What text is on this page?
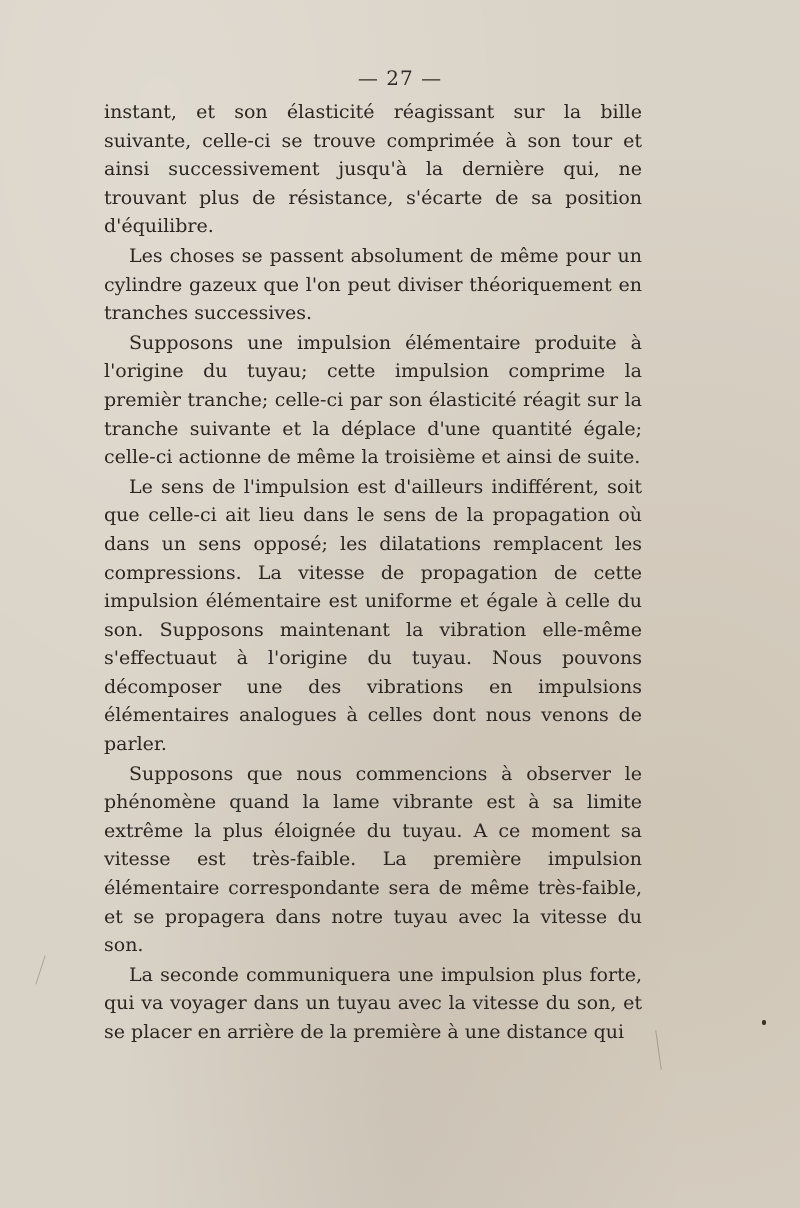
— 27 —

instant, et son élasticité réagissant sur la bille suivante, celle-ci se trouve comprimée à son tour et ainsi successivement jusqu'à la dernière qui, ne trouvant plus de résistance, s'écarte de sa position d'équilibre.

Les choses se passent absolument de même pour un cylindre gazeux que l'on peut diviser théoriquement en tranches successives.

Supposons une impulsion élémentaire produite à l'origine du tuyau; cette impulsion comprime la premièr tranche; celle-ci par son élasticité réagit sur la tranche suivante et la déplace d'une quantité égale; celle-ci actionne de même la troisième et ainsi de suite.

Le sens de l'impulsion est d'ailleurs indifférent, soit que celle-ci ait lieu dans le sens de la propagation où dans un sens opposé; les dilatations remplacent les compressions. La vitesse de propagation de cette impulsion élémentaire est uniforme et égale à celle du son. Supposons maintenant la vibration elle-même s'effectuaut à l'origine du tuyau. Nous pouvons décomposer une des vibrations en impulsions élémentaires analogues à celles dont nous venons de parler.

Supposons que nous commencions à observer le phénomène quand la lame vibrante est à sa limite extrême la plus éloignée du tuyau. A ce moment sa vitesse est très-faible. La première impulsion élémentaire correspondante sera de même très-faible, et se propagera dans notre tuyau avec la vitesse du son.

La seconde communiquera une impulsion plus forte, qui va voyager dans un tuyau avec la vitesse du son, et se placer en arrière de la première à une distance qui
